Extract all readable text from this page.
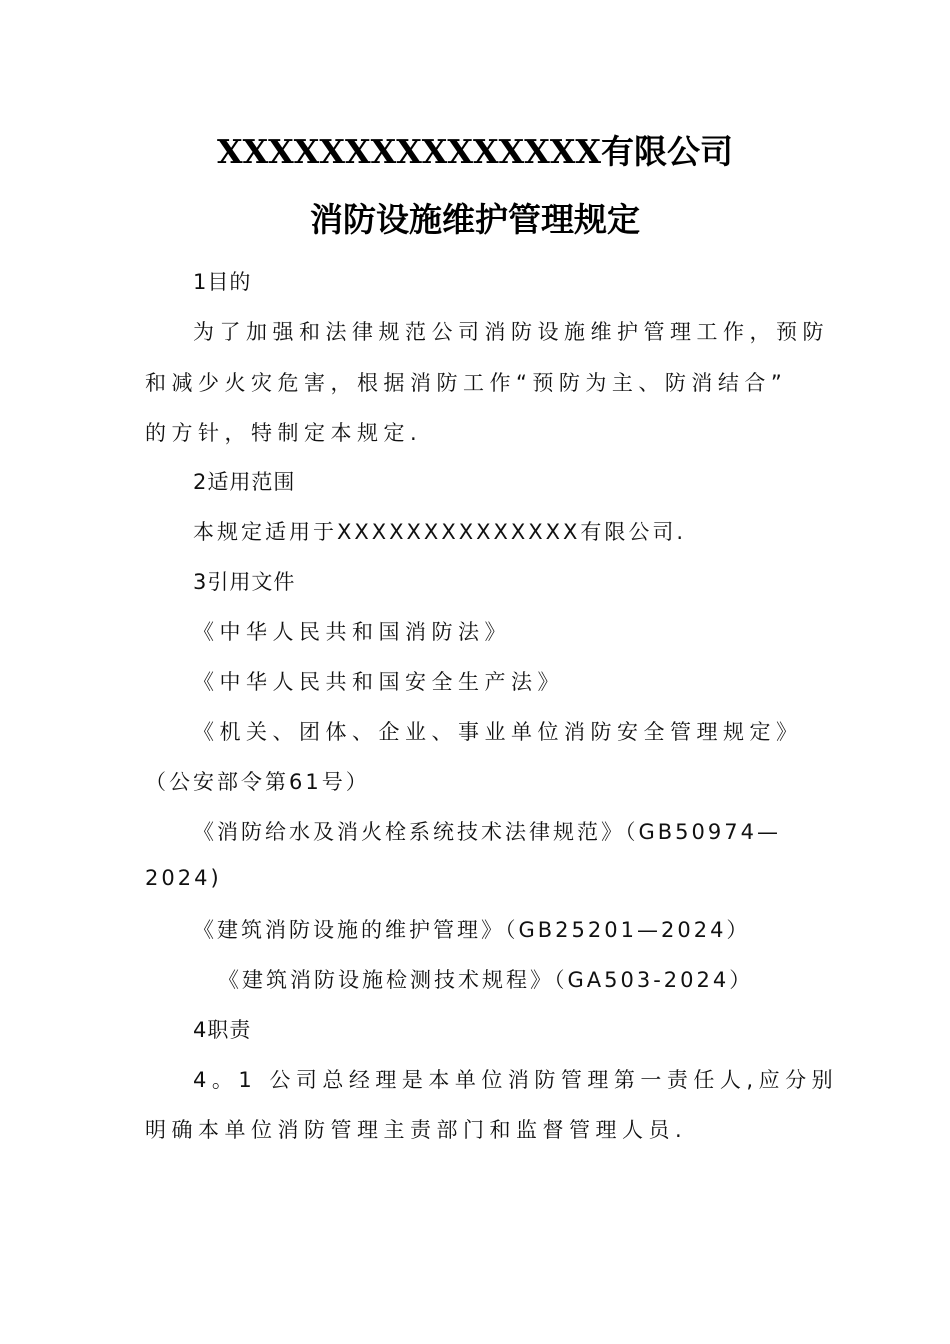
XXXXXXXXXXXXXXX有限公司
消防设施维护管理规定
1目的
为了加强和法律规范公司消防设施维护管理工作，预防
和减少火灾危害，根据消防工作“预防为主、防消结合”
的方针，特制定本规定.
2适用范围
本规定适用于XXXXXXXXXXXXXX有限公司.
3引用文件
《中华人民共和国消防法》
《中华人民共和国安全生产法》
《机关、团体、企业、事业单位消防安全管理规定》
（公安部令第61号）
《消防给水及消火栓系统技术法律规范》（GB50974—
2024)
《建筑消防设施的维护管理》（GB25201—2024）
《建筑消防设施检测技术规程》（GA503-2024）
4职责
4。1 公司总经理是本单位消防管理第一责任人,应分别
明确本单位消防管理主责部门和监督管理人员.
